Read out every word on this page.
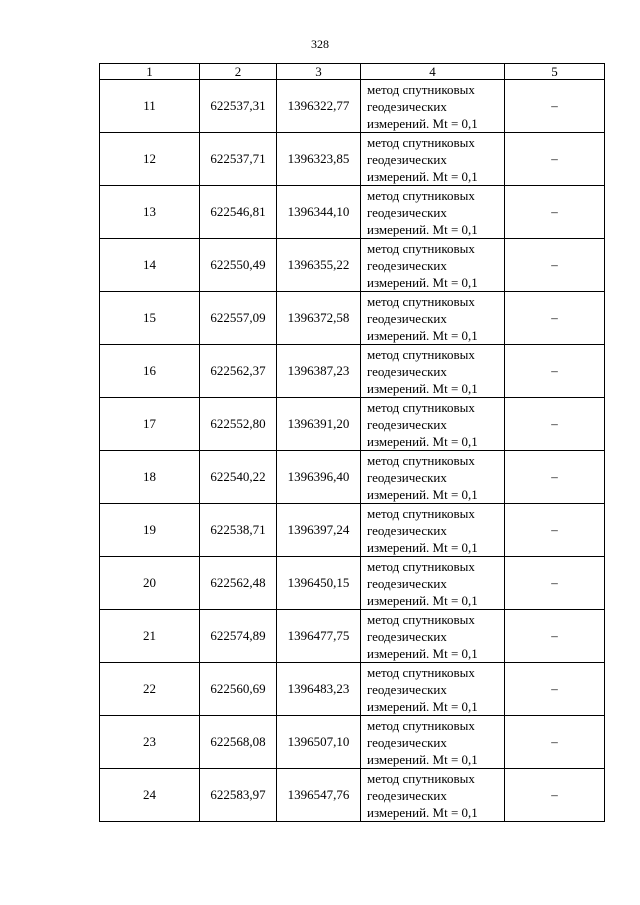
328
1	2	3	4	5
11	622537,31	1396322,77	метод спутниковых
геодезических
измерений. Mt = 0,1	–
12	622537,71	1396323,85	метод спутниковых
геодезических
измерений. Mt = 0,1	–
13	622546,81	1396344,10	метод спутниковых
геодезических
измерений. Mt = 0,1	–
14	622550,49	1396355,22	метод спутниковых
геодезических
измерений. Mt = 0,1	–
15	622557,09	1396372,58	метод спутниковых
геодезических
измерений. Mt = 0,1	–
16	622562,37	1396387,23	метод спутниковых
геодезических
измерений. Mt = 0,1	–
17	622552,80	1396391,20	метод спутниковых
геодезических
измерений. Mt = 0,1	–
18	622540,22	1396396,40	метод спутниковых
геодезических
измерений. Mt = 0,1	–
19	622538,71	1396397,24	метод спутниковых
геодезических
измерений. Mt = 0,1	–
20	622562,48	1396450,15	метод спутниковых
геодезических
измерений. Mt = 0,1	–
21	622574,89	1396477,75	метод спутниковых
геодезических
измерений. Mt = 0,1	–
22	622560,69	1396483,23	метод спутниковых
геодезических
измерений. Mt = 0,1	–
23	622568,08	1396507,10	метод спутниковых
геодезических
измерений. Mt = 0,1	–
24	622583,97	1396547,76	метод спутниковых
геодезических
измерений. Mt = 0,1	–
